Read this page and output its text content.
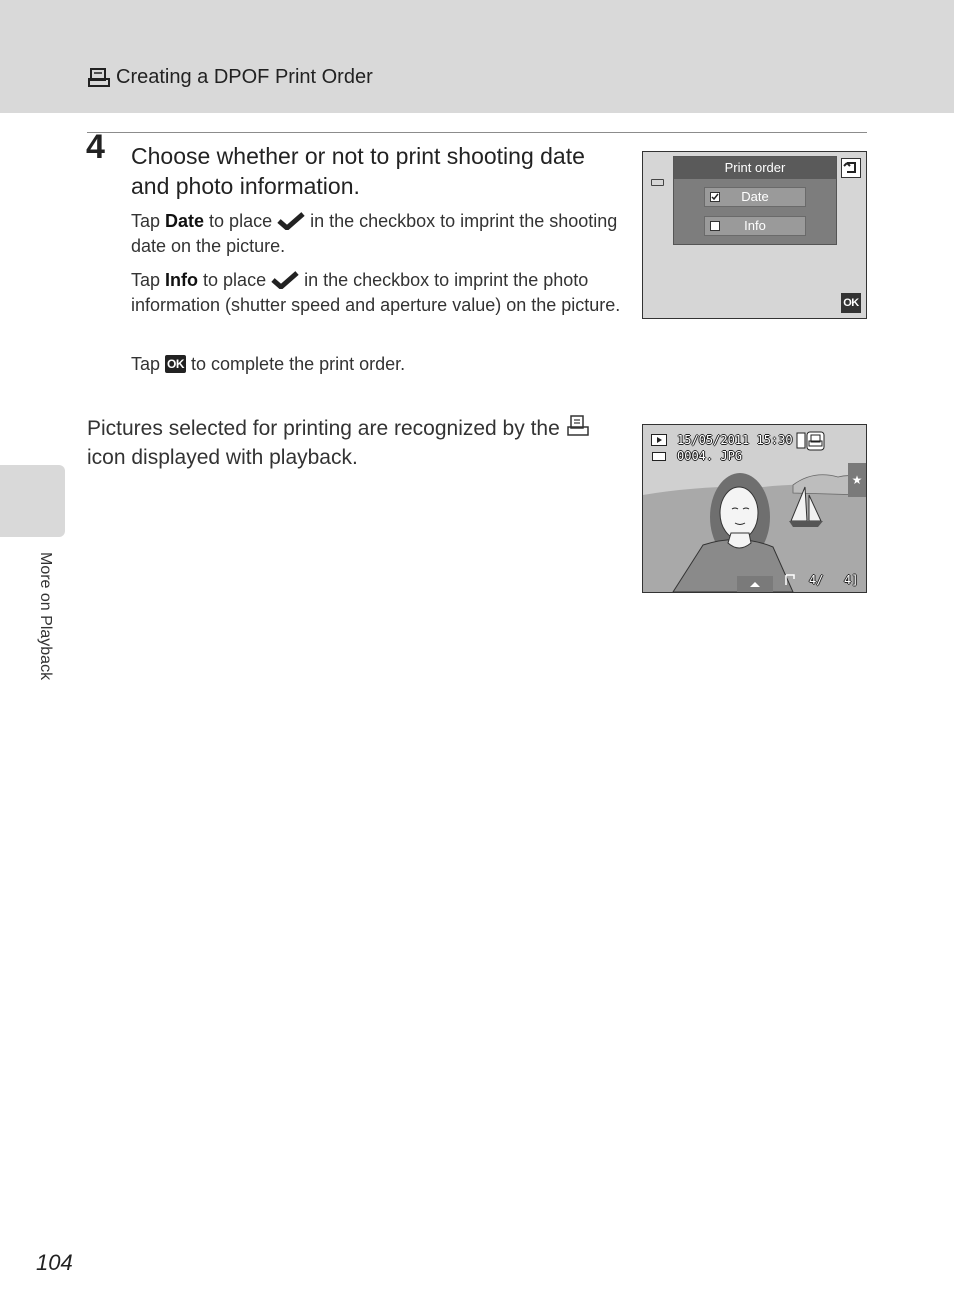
Creating a DPOF Print Order
4 Choose whether or not to print shooting date and photo information.
Tap Date to place  in the checkbox to imprint the shooting date on the picture.
Tap Info to place  in the checkbox to imprint the photo information (shutter speed and aperture value) on the picture.
Tap OK to complete the print order.
Print order
Date
Info
OK
Pictures selected for printing are recognized by the  icon displayed with playback.
15/05/2011 15:30
0004. JPG
★
4/ 4]
More on Playback
104
